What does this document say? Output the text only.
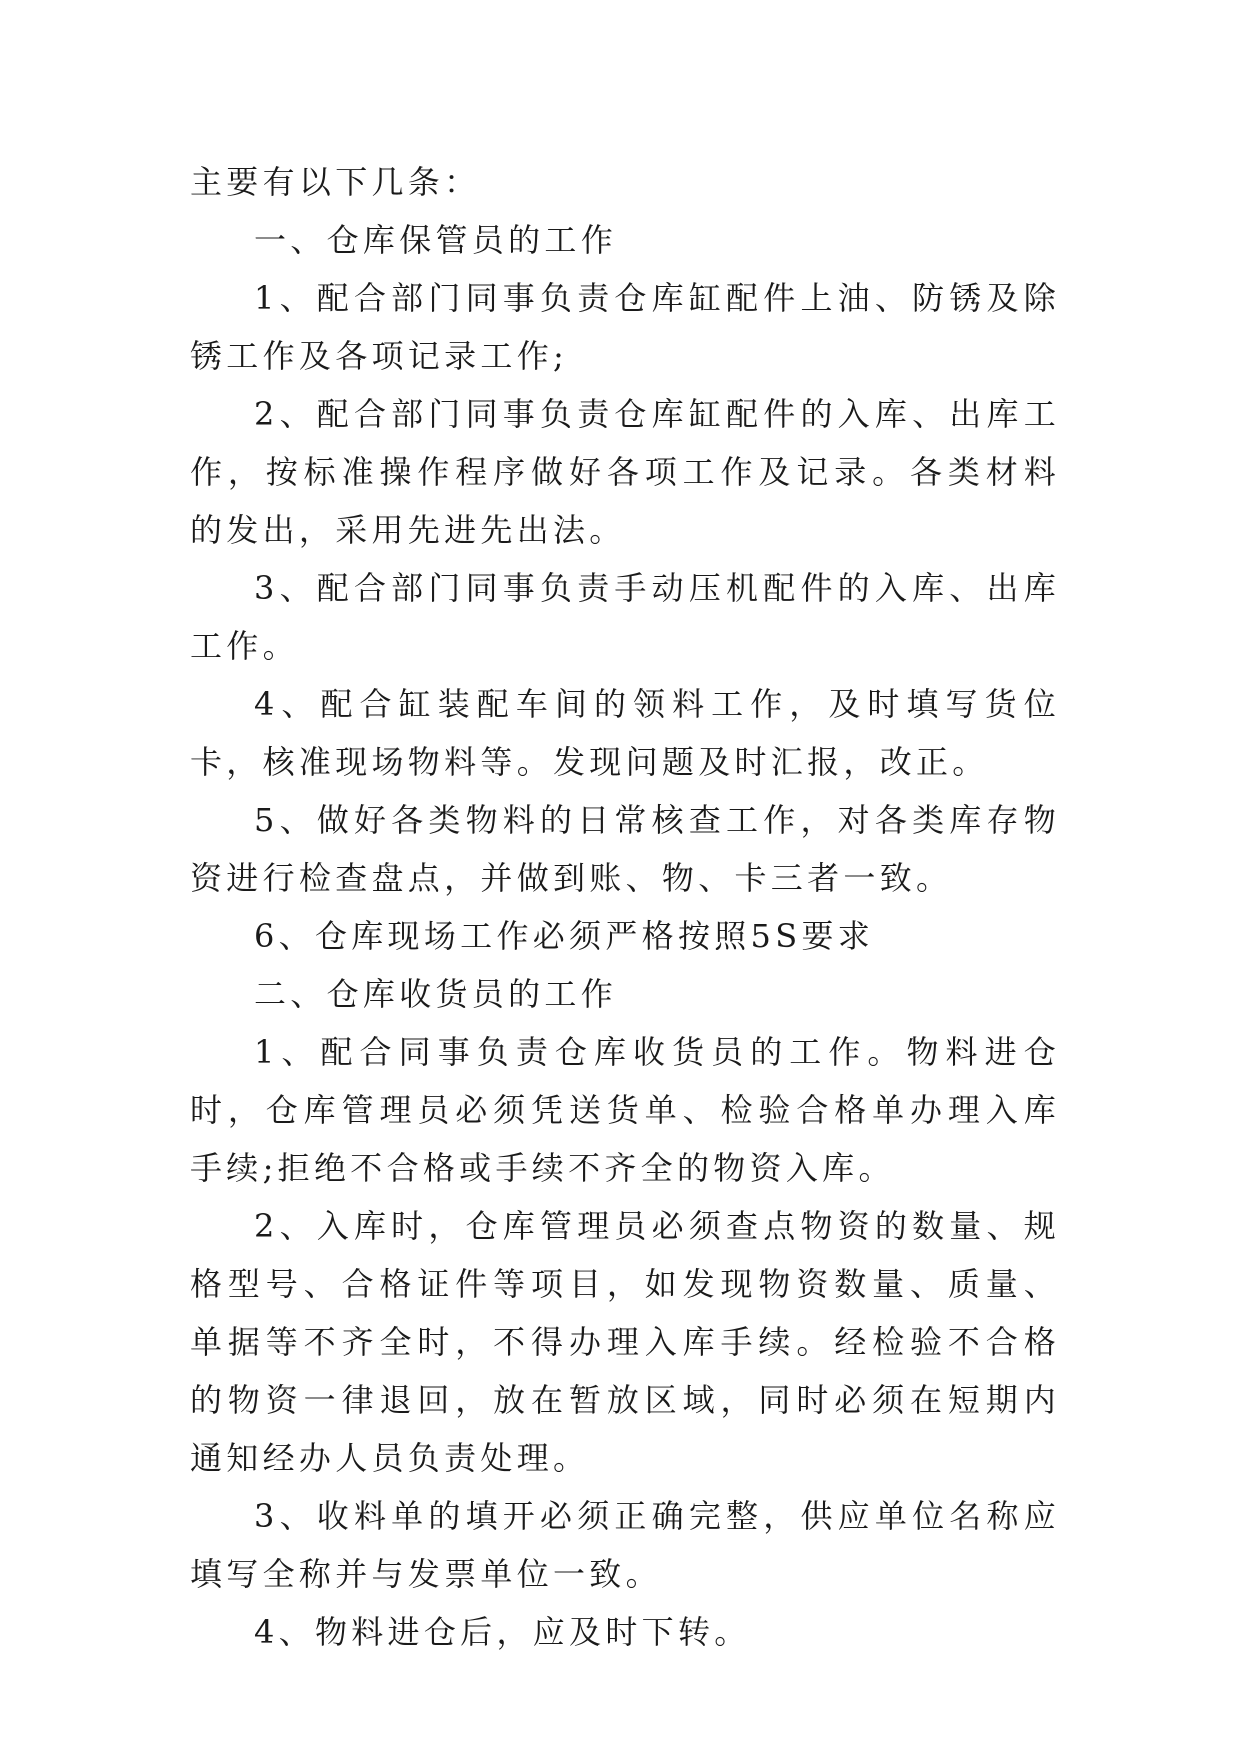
主要有以下几条：

一、仓库保管员的工作

1、配合部门同事负责仓库缸配件上油、防锈及除锈工作及各项记录工作;

2、配合部门同事负责仓库缸配件的入库、出库工作，按标准操作程序做好各项工作及记录。各类材料的发出，采用先进先出法。

3、配合部门同事负责手动压机配件的入库、出库工作。

4、配合缸装配车间的领料工作，及时填写货位卡，核准现场物料等。发现问题及时汇报，改正。

5、做好各类物料的日常核查工作，对各类库存物资进行检查盘点，并做到账、物、卡三者一致。

6、仓库现场工作必须严格按照5S要求

二、仓库收货员的工作

1、配合同事负责仓库收货员的工作。物料进仓时，仓库管理员必须凭送货单、检验合格单办理入库手续;拒绝不合格或手续不齐全的物资入库。

2、入库时，仓库管理员必须查点物资的数量、规格型号、合格证件等项目，如发现物资数量、质量、单据等不齐全时，不得办理入库手续。经检验不合格的物资一律退回，放在暂放区域，同时必须在短期内通知经办人员负责处理。

3、收料单的填开必须正确完整，供应单位名称应填写全称并与发票单位一致。

4、物料进仓后，应及时下转。
